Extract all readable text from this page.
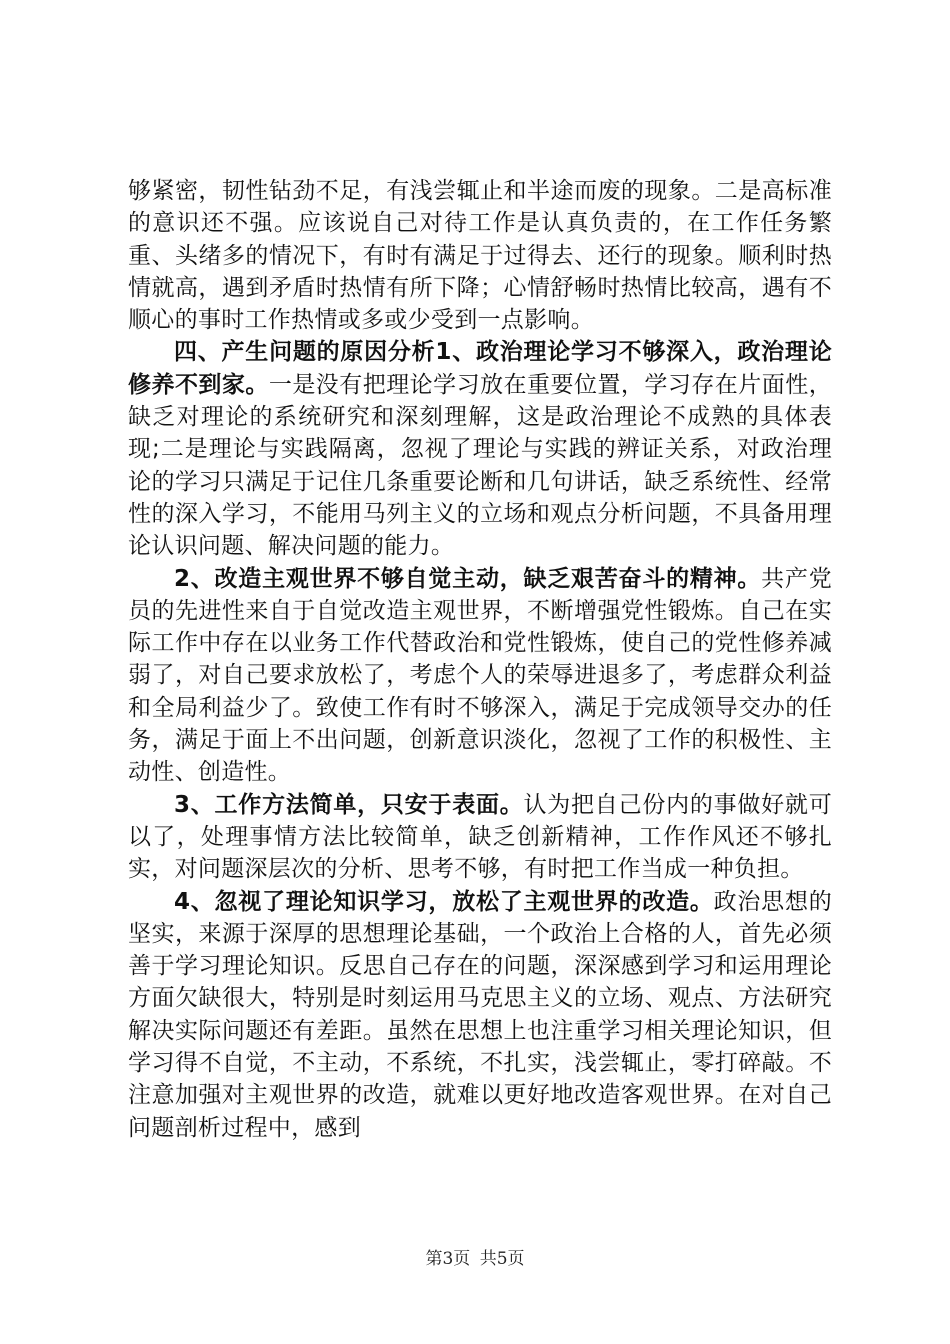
够紧密，韧性钻劲不足，有浅尝辄止和半途而废的现象。二是高标准的意识还不强。应该说自己对待工作是认真负责的，在工作任务繁重、头绪多的情况下，有时有满足于过得去、还行的现象。顺利时热情就高，遇到矛盾时热情有所下降；心情舒畅时热情比较高，遇有不顺心的事时工作热情或多或少受到一点影响。

四、产生问题的原因分析1、政治理论学习不够深入，政治理论修养不到家。一是没有把理论学习放在重要位置，学习存在片面性，缺乏对理论的系统研究和深刻理解，这是政治理论不成熟的具体表现;二是理论与实践隔离，忽视了理论与实践的辨证关系，对政治理论的学习只满足于记住几条重要论断和几句讲话，缺乏系统性、经常性的深入学习，不能用马列主义的立场和观点分析问题，不具备用理论认识问题、解决问题的能力。

2、改造主观世界不够自觉主动，缺乏艰苦奋斗的精神。共产党员的先进性来自于自觉改造主观世界，不断增强党性锻炼。自己在实际工作中存在以业务工作代替政治和党性锻炼，使自己的党性修养减弱了，对自己要求放松了，考虑个人的荣辱进退多了，考虑群众利益和全局利益少了。致使工作有时不够深入，满足于完成领导交办的任务，满足于面上不出问题，创新意识淡化，忽视了工作的积极性、主动性、创造性。

3、工作方法简单，只安于表面。认为把自己份内的事做好就可以了，处理事情方法比较简单，缺乏创新精神，工作作风还不够扎实，对问题深层次的分析、思考不够，有时把工作当成一种负担。

4、忽视了理论知识学习，放松了主观世界的改造。政治思想的坚实，来源于深厚的思想理论基础，一个政治上合格的人，首先必须善于学习理论知识。反思自己存在的问题，深深感到学习和运用理论方面欠缺很大，特别是时刻运用马克思主义的立场、观点、方法研究解决实际问题还有差距。虽然在思想上也注重学习相关理论知识，但学习得不自觉，不主动，不系统，不扎实，浅尝辄止，零打碎敲。不注意加强对主观世界的改造，就难以更好地改造客观世界。在对自己问题剖析过程中，感到

第3页 共5页
